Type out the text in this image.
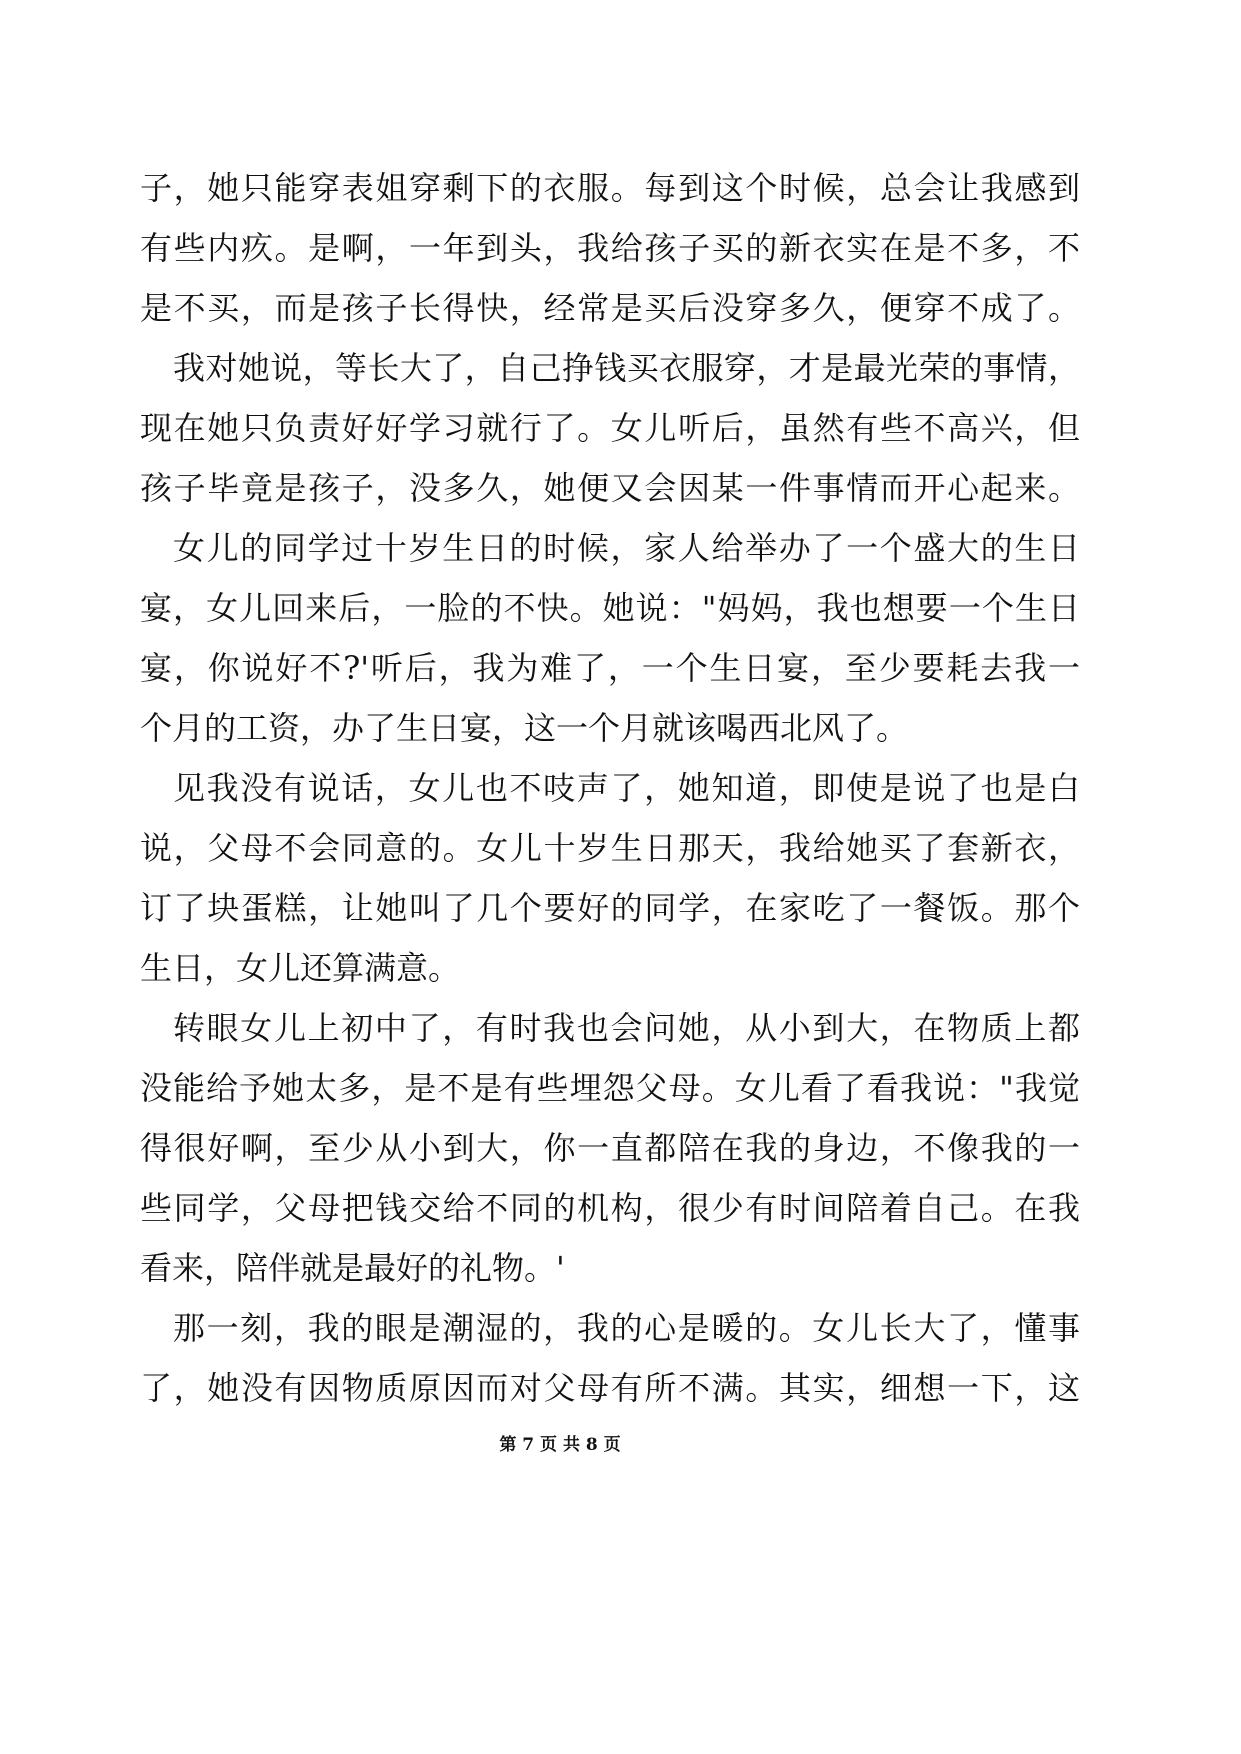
子，她只能穿表姐穿剩下的衣服。每到这个时候，总会让我感到
有些内疚。是啊，一年到头，我给孩子买的新衣实在是不多，不
是不买，而是孩子长得快，经常是买后没穿多久，便穿不成了。
我对她说，等长大了，自己挣钱买衣服穿，才是最光荣的事情，
现在她只负责好好学习就行了。女儿听后，虽然有些不高兴，但
孩子毕竟是孩子，没多久，她便又会因某一件事情而开心起来。
女儿的同学过十岁生日的时候，家人给举办了一个盛大的生日
宴，女儿回来后，一脸的不快。她说："妈妈，我也想要一个生日
宴，你说好不?'听后，我为难了，一个生日宴，至少要耗去我一
个月的工资，办了生日宴，这一个月就该喝西北风了。
见我没有说话，女儿也不吱声了，她知道，即使是说了也是白
说，父母不会同意的。女儿十岁生日那天，我给她买了套新衣，
订了块蛋糕，让她叫了几个要好的同学，在家吃了一餐饭。那个
生日，女儿还算满意。
转眼女儿上初中了，有时我也会问她，从小到大，在物质上都
没能给予她太多，是不是有些埋怨父母。女儿看了看我说："我觉
得很好啊，至少从小到大，你一直都陪在我的身边，不像我的一
些同学，父母把钱交给不同的机构，很少有时间陪着自己。在我
看来，陪伴就是最好的礼物。'
那一刻，我的眼是潮湿的，我的心是暖的。女儿长大了，懂事
了，她没有因物质原因而对父母有所不满。其实，细想一下，这
第 7 页 共 8 页
